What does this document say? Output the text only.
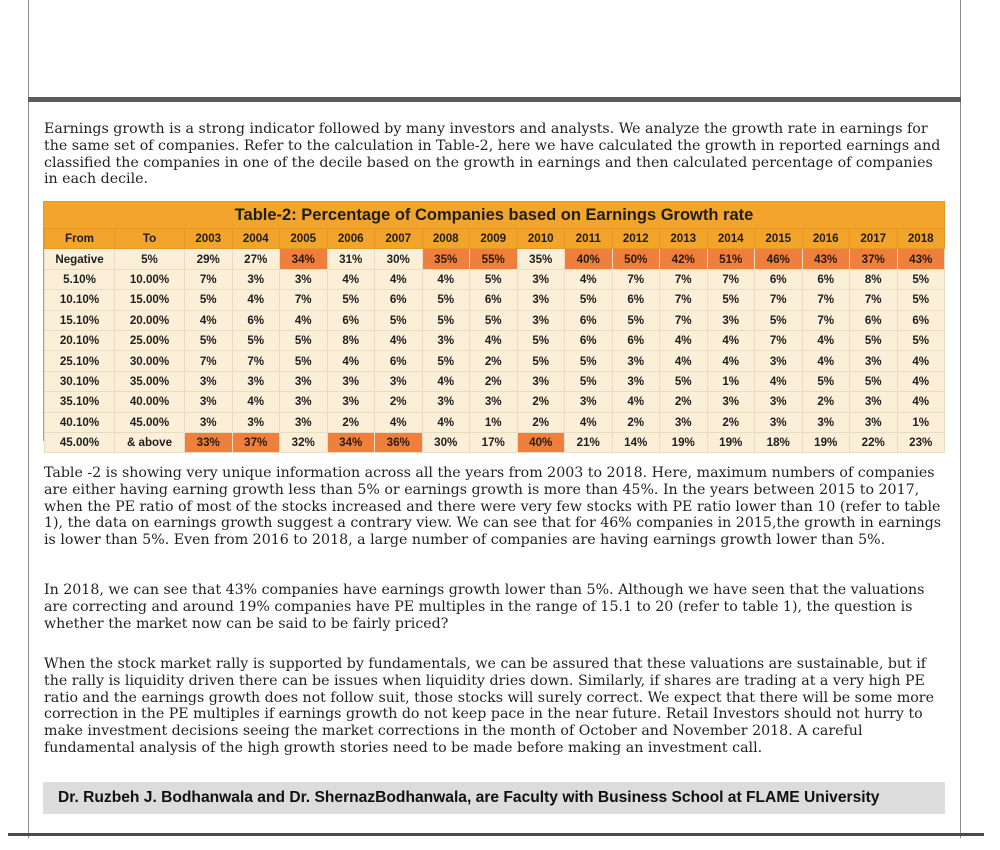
Earnings growth is a strong indicator followed by many investors and analysts. We analyze the growth rate in earnings for the same set of companies. Refer to the calculation in Table-2, here we have calculated the growth in reported earnings and classified the companies in one of the decile based on the growth in earnings and then calculated percentage of companies in each decile.

Table-2: Percentage of Companies based on Earnings Growth rate
From	To	2003	2004	2005	2006	2007	2008	2009	2010	2011	2012	2013	2014	2015	2016	2017	2018
Negative	5%	29%	27%	34%	31%	30%	35%	55%	35%	40%	50%	42%	51%	46%	43%	37%	43%
5.10%	10.00%	7%	3%	3%	4%	4%	4%	5%	3%	4%	7%	7%	7%	6%	6%	8%	5%
10.10%	15.00%	5%	4%	7%	5%	6%	5%	6%	3%	5%	6%	7%	5%	7%	7%	7%	5%
15.10%	20.00%	4%	6%	4%	6%	5%	5%	5%	3%	6%	5%	7%	3%	5%	7%	6%	6%
20.10%	25.00%	5%	5%	5%	8%	4%	3%	4%	5%	6%	6%	4%	4%	7%	4%	5%	5%
25.10%	30.00%	7%	7%	5%	4%	6%	5%	2%	5%	5%	3%	4%	4%	3%	4%	3%	4%
30.10%	35.00%	3%	3%	3%	3%	3%	4%	2%	3%	5%	3%	5%	1%	4%	5%	5%	4%
35.10%	40.00%	3%	4%	3%	3%	2%	3%	3%	2%	3%	4%	2%	3%	3%	2%	3%	4%
40.10%	45.00%	3%	3%	3%	2%	4%	4%	1%	2%	4%	2%	3%	2%	3%	3%	3%	1%
45.00%	& above	33%	37%	32%	34%	36%	30%	17%	40%	21%	14%	19%	19%	18%	19%	22%	23%

Table -2 is showing very unique information across all the years from 2003 to 2018. Here, maximum numbers of companies are either having earning growth less than 5% or earnings growth is more than 45%. In the years between 2015 to 2017, when the PE ratio of most of the stocks increased and there were very few stocks with PE ratio lower than 10 (refer to table 1), the data on earnings growth suggest a contrary view. We can see that for 46% companies in 2015,the growth in earnings is lower than 5%. Even from 2016 to 2018, a large number of companies are having earnings growth lower than 5%.

In 2018, we can see that 43% companies have earnings growth lower than 5%. Although we have seen that the valuations are correcting and around 19% companies have PE multiples in the range of 15.1 to 20 (refer to table 1), the question is whether the market now can be said to be fairly priced?

When the stock market rally is supported by fundamentals, we can be assured that these valuations are sustainable, but if the rally is liquidity driven there can be issues when liquidity dries down. Similarly, if shares are trading at a very high PE ratio and the earnings growth does not follow suit, those stocks will surely correct. We expect that there will be some more correction in the PE multiples if earnings growth do not keep pace in the near future. Retail Investors should not hurry to make investment decisions seeing the market corrections in the month of October and November 2018. A careful fundamental analysis of the high growth stories need to be made before making an investment call.

Dr. Ruzbeh J. Bodhanwala and Dr. ShernazBodhanwala, are Faculty with Business School at FLAME University
